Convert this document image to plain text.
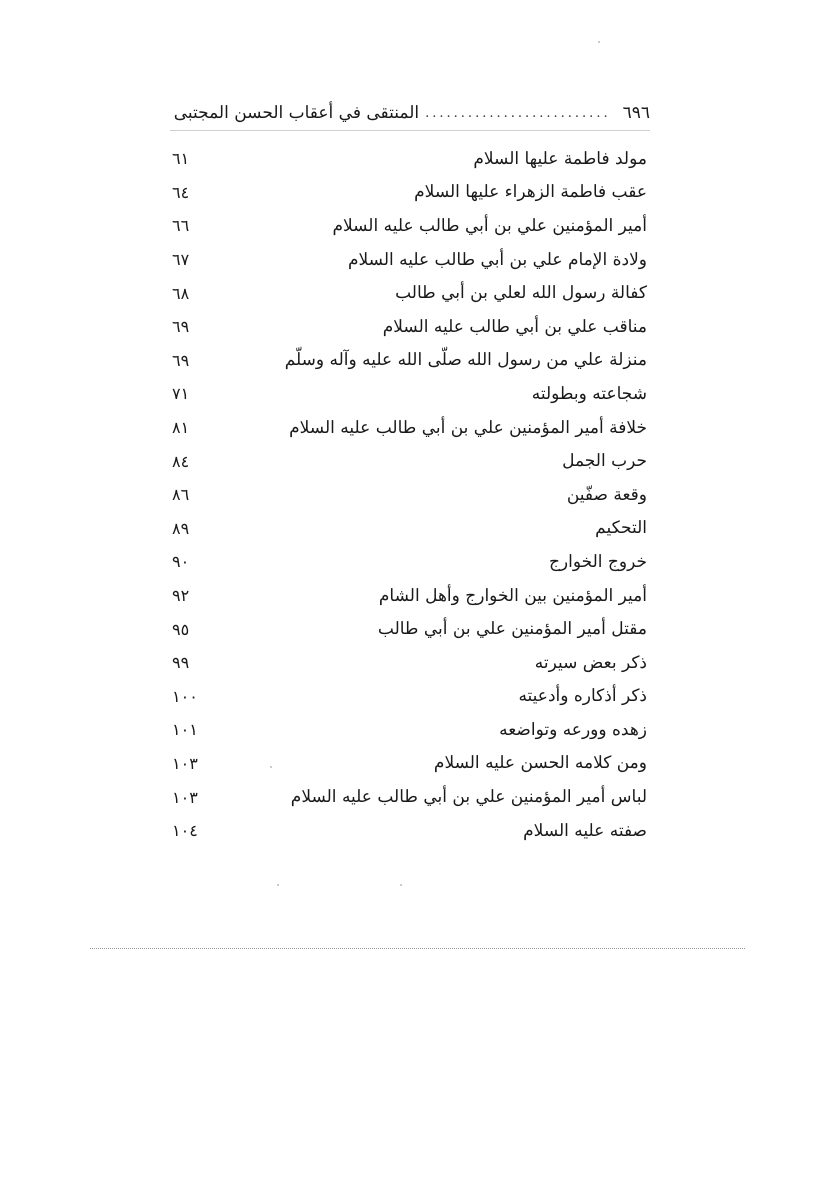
٦٩٦
..........................
المنتقى في أعقاب الحسن المجتبى
مولد فاطمة عليها السلام
٦١
عقب فاطمة الزهراء عليها السلام
٦٤
أمير المؤمنين علي بن أبي طالب عليه السلام
٦٦
ولادة الإمام علي بن أبي طالب عليه السلام
٦٧
كفالة رسول الله لعلي بن أبي طالب
٦٨
مناقب علي بن أبي طالب عليه السلام
٦٩
منزلة علي من رسول الله صلّى الله عليه وآله وسلّم
٦٩
شجاعته وبطولته
٧١
خلافة أمير المؤمنين علي بن أبي طالب عليه السلام
٨١
حرب الجمل
٨٤
وقعة صفّين
٨٦
التحكيم
٨٩
خروج الخوارج
٩٠
أمير المؤمنين بين الخوارج وأهل الشام
٩٢
مقتل أمير المؤمنين علي بن أبي طالب
٩٥
ذكر بعض سيرته
٩٩
ذكر أذكاره وأدعيته
١٠٠
زهده وورعه وتواضعه
١٠١
ومن كلامه الحسن عليه السلام
١٠٣
لباس أمير المؤمنين علي بن أبي طالب عليه السلام
١٠٣
صفته عليه السلام
١٠٤
